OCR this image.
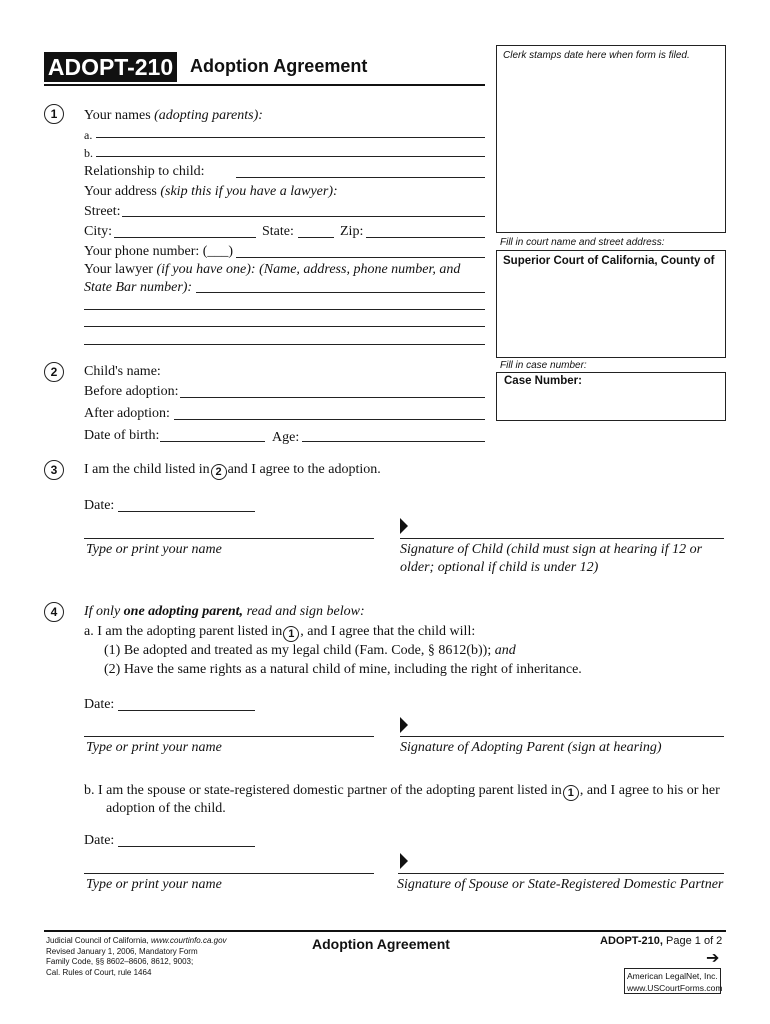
ADOPT-210 Adoption Agreement
Clerk stamps date here when form is filed.
Fill in court name and street address:
Superior Court of California, County of
Fill in case number:
Case Number:
1	Your names (adopting parents):
a.
b.
Relationship to child:
Your address (skip this if you have a lawyer):
Street:
City:	State:	Zip:
Your phone number: (___)
Your lawyer (if you have one): (Name, address, phone number, and
State Bar number):
2	Child's name:
Before adoption:
After adoption:
Date of birth:	Age:
3	I am the child listed in 2 and I agree to the adoption.
Date:
Type or print your name	Signature of Child (child must sign at hearing if 12 or
older; optional if child is under 12)
4	If only one adopting parent, read and sign below:
a. I am the adopting parent listed in 1 , and I agree that the child will:
(1) Be adopted and treated as my legal child (Fam. Code, § 8612(b)); and
(2) Have the same rights as a natural child of mine, including the right of inheritance.
Date:
Type or print your name	Signature of Adopting Parent (sign at hearing)
b. I am the spouse or state-registered domestic partner of the adopting parent listed in 1 , and I agree to his or her
adoption of the child.
Date:
Type or print your name	Signature of Spouse or State-Registered Domestic Partner
Judicial Council of California, www.courtinfo.ca.gov
Revised January 1, 2006, Mandatory Form
Family Code, §§ 8602–8606, 8612, 9003;
Cal. Rules of Court, rule 1464
Adoption Agreement	ADOPT-210, Page 1 of 2
➔
American LegalNet, Inc.
www.USCourtForms.com
